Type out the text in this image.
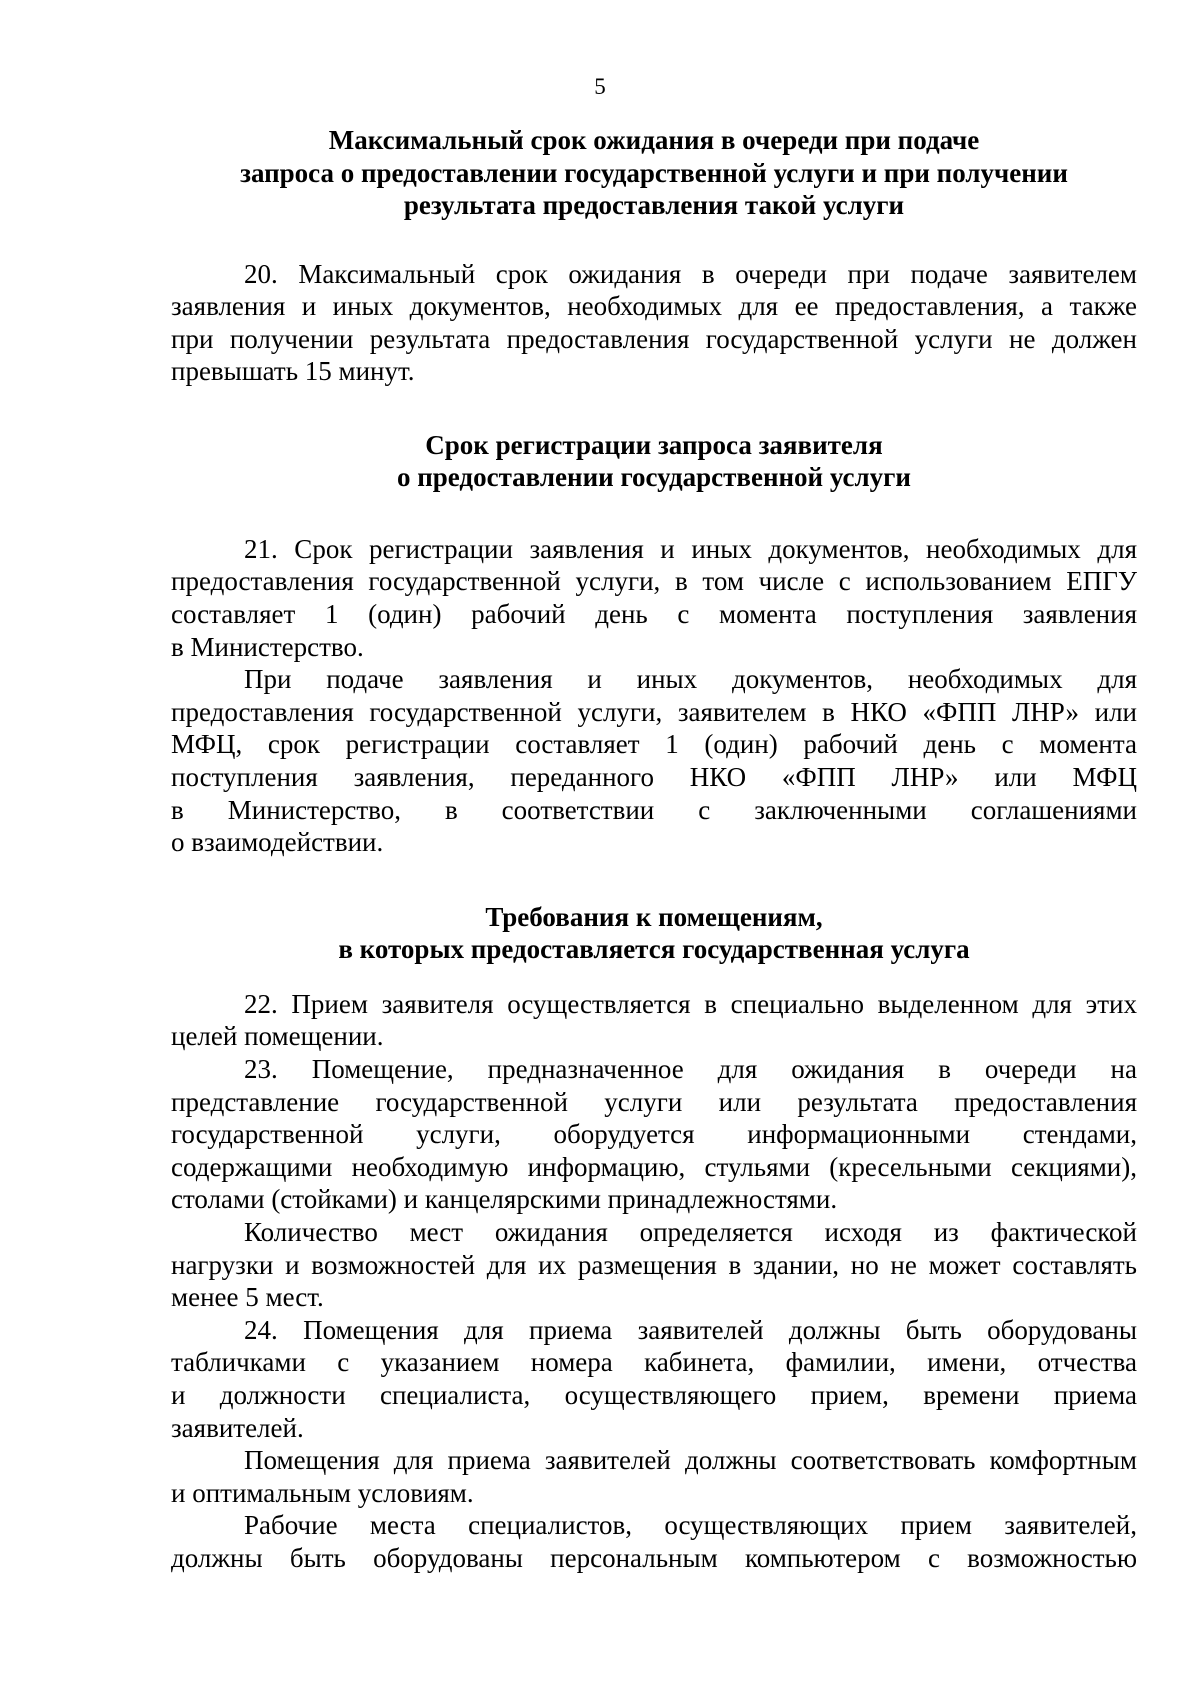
5
Максимальный срок ожидания в очереди при подаче
запроса о предоставлении государственной услуги и при получении
результата предоставления такой услуги
20. Максимальный срок ожидания в очереди при подаче заявителем
заявления и иных документов, необходимых для ее предоставления, а также
при получении результата предоставления государственной услуги не должен
превышать 15 минут.
Срок регистрации запроса заявителя
о предоставлении государственной услуги
21. Срок регистрации заявления и иных документов, необходимых для
предоставления государственной услуги, в том числе с использованием ЕПГУ
составляет 1 (один) рабочий день с момента поступления заявления
в Министерство.
При подаче заявления и иных документов, необходимых для
предоставления государственной услуги, заявителем в НКО «ФПП ЛНР» или
МФЦ, срок регистрации составляет 1 (один) рабочий день с момента
поступления заявления, переданного НКО «ФПП ЛНР» или МФЦ
в Министерство, в соответствии с заключенными соглашениями
о взаимодействии.
Требования к помещениям,
в которых предоставляется государственная услуга
22. Прием заявителя осуществляется в специально выделенном для этих
целей помещении.
23. Помещение, предназначенное для ожидания в очереди на
представление государственной услуги или результата предоставления
государственной услуги, оборудуется информационными стендами,
содержащими необходимую информацию, стульями (кресельными секциями),
столами (стойками) и канцелярскими принадлежностями.
Количество мест ожидания определяется исходя из фактической
нагрузки и возможностей для их размещения в здании, но не может составлять
менее 5 мест.
24. Помещения для приема заявителей должны быть оборудованы
табличками с указанием номера кабинета, фамилии, имени, отчества
и должности специалиста, осуществляющего прием, времени приема
заявителей.
Помещения для приема заявителей должны соответствовать комфортным
и оптимальным условиям.
Рабочие места специалистов, осуществляющих прием заявителей,
должны быть оборудованы персональным компьютером с возможностью
